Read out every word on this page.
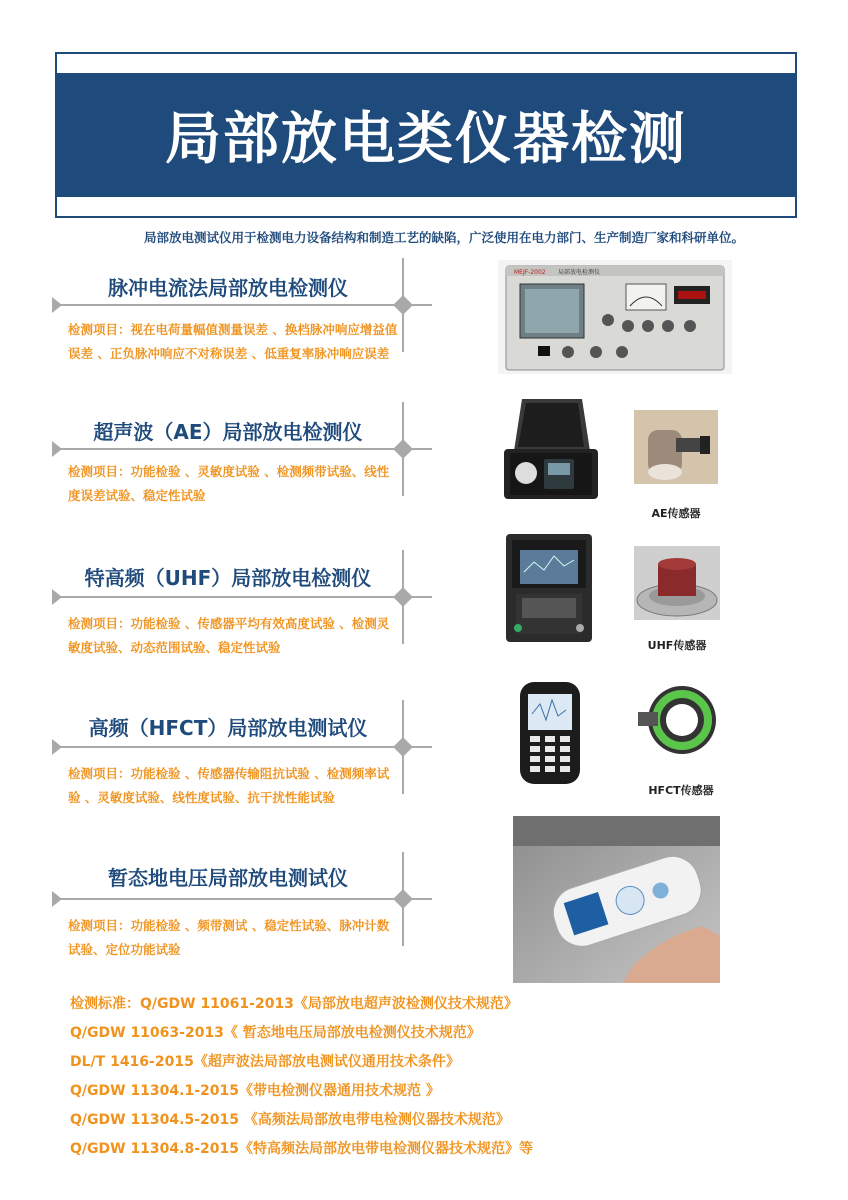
局部放电类仪器检测
局部放电测试仪用于检测电力设备结构和制造工艺的缺陷，广泛使用在电力部门、生产制造厂家和科研单位。
脉冲电流法局部放电检测仪
检测项目：视在电荷量幅值测量误差 、换档脉冲响应增益值误差 、正负脉冲响应不对称误差 、低重复率脉冲响应误差
超声波（AE）局部放电检测仪
检测项目：功能检验 、灵敏度试验 、检测频带试验、线性度误差试验、稳定性试验
特高频（UHF）局部放电检测仪
检测项目：功能检验 、传感器平均有效高度试验 、检测灵敏度试验、动态范围试验、稳定性试验
高频（HFCT）局部放电测试仪
检测项目：功能检验 、传感器传输阻抗试验 、检测频率试验 、灵敏度试验、线性度试验、抗干扰性能试验
暂态地电压局部放电测试仪
检测项目：功能检验 、频带测试 、稳定性试验、脉冲计数试验、定位功能试验
MEJF-2002 局部放电检测仪
AE传感器
UHF传感器
HFCT传感器
检测标准：Q/GDW 11061-2013《局部放电超声波检测仪技术规范》
Q/GDW 11063-2013《 暂态地电压局部放电检测仪技术规范》
DL/T 1416-2015《超声波法局部放电测试仪通用技术条件》
Q/GDW 11304.1-2015《带电检测仪器通用技术规范 》
Q/GDW 11304.5-2015 《高频法局部放电带电检测仪器技术规范》
Q/GDW 11304.8-2015《特高频法局部放电带电检测仪器技术规范》等
